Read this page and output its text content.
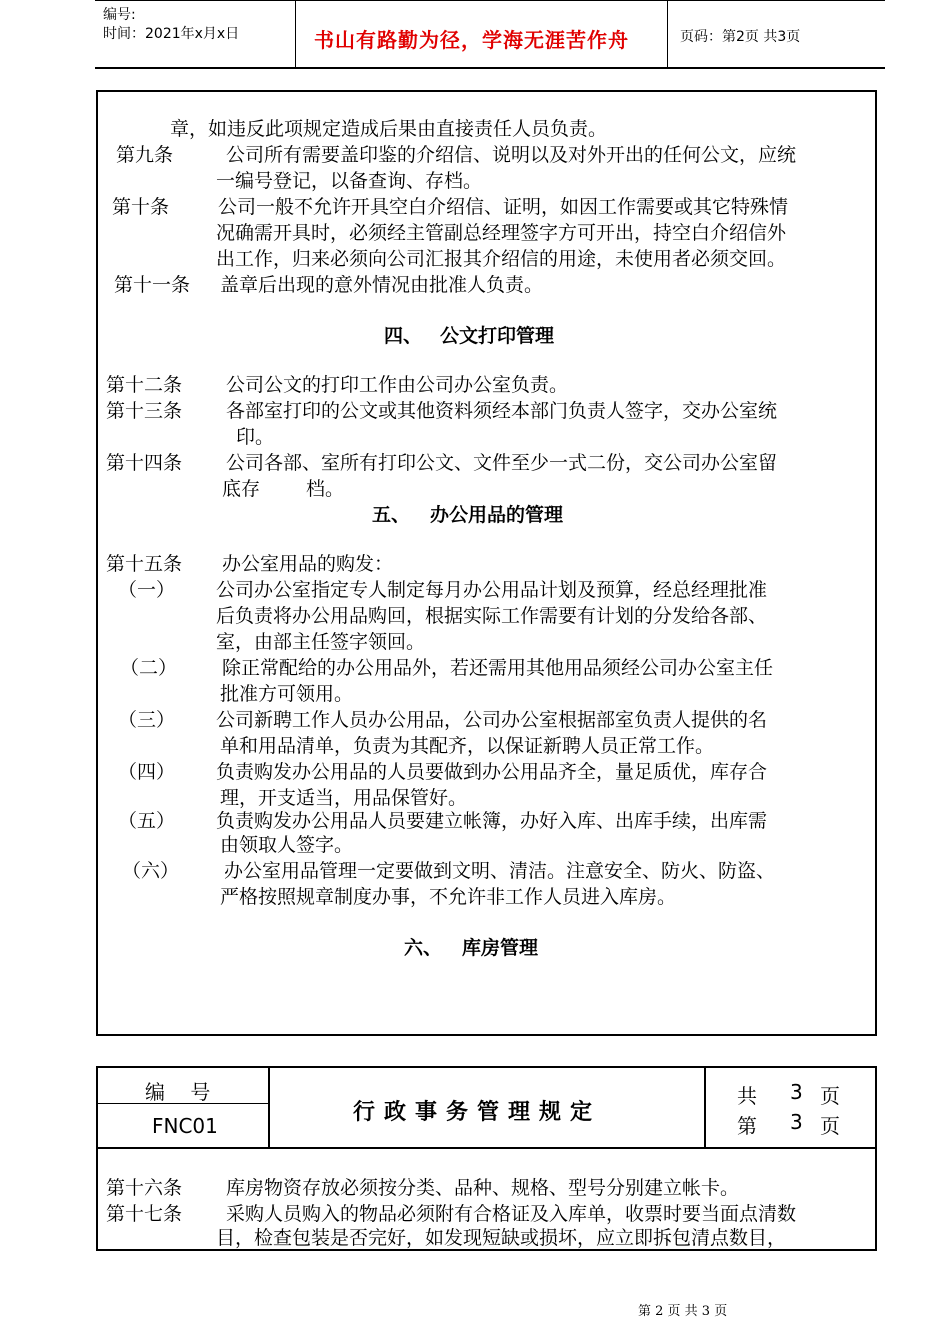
编号:
时间：2021年x月x日	书山有路勤为径，学海无涯苦作舟	页码：第2页 共3页
章，如违反此项规定造成后果由直接责任人员负责。
第九条	公司所有需要盖印鉴的介绍信、说明以及对外开出的任何公文，应统
一编号登记，以备查询、存档。
第十条	公司一般不允许开具空白介绍信、证明，如因工作需要或其它特殊情
况确需开具时，必须经主管副总经理签字方可开出，持空白介绍信外
出工作，归来必须向公司汇报其介绍信的用途，未使用者必须交回。
第十一条 盖章后出现的意外情况由批准人负责。
四、 公文打印管理
第十二条 公司公文的打印工作由公司办公室负责。
第十三条 各部室打印的公文或其他资料须经本部门负责人签字，交办公室统
印。
第十四条 公司各部、室所有打印公文、文件至少一式二份，交公司办公室留
底存 档。
五、 办公用品的管理
第十五条 办公室用品的购发：
（一） 公司办公室指定专人制定每月办公用品计划及预算，经总经理批准
后负责将办公用品购回，根据实际工作需要有计划的分发给各部、
室，由部主任签字领回。
（二） 除正常配给的办公用品外，若还需用其他用品须经公司办公室主任
批准方可领用。
（三） 公司新聘工作人员办公用品，公司办公室根据部室负责人提供的名
单和用品清单，负责为其配齐，以保证新聘人员正常工作。
（四） 负责购发办公用品的人员要做到办公用品齐全，量足质优，库存合
理，开支适当，用品保管好。
（五） 负责购发办公用品人员要建立帐簿，办好入库、出库手续，出库需
由领取人签字。
（六） 办公室用品管理一定要做到文明、清洁。注意安全、防火、防盗、
严格按照规章制度办事，不允许非工作人员进入库房。
六、 库房管理
编    号
FNC01
行政事务管理规定
共 3 页
第 3 页
第十六条 库房物资存放必须按分类、品种、规格、型号分别建立帐卡。
第十七条 采购人员购入的物品必须附有合格证及入库单，收票时要当面点清数
目，检查包装是否完好，如发现短缺或损坏，应立即拆包清点数目，
第 2 页 共 3 页
